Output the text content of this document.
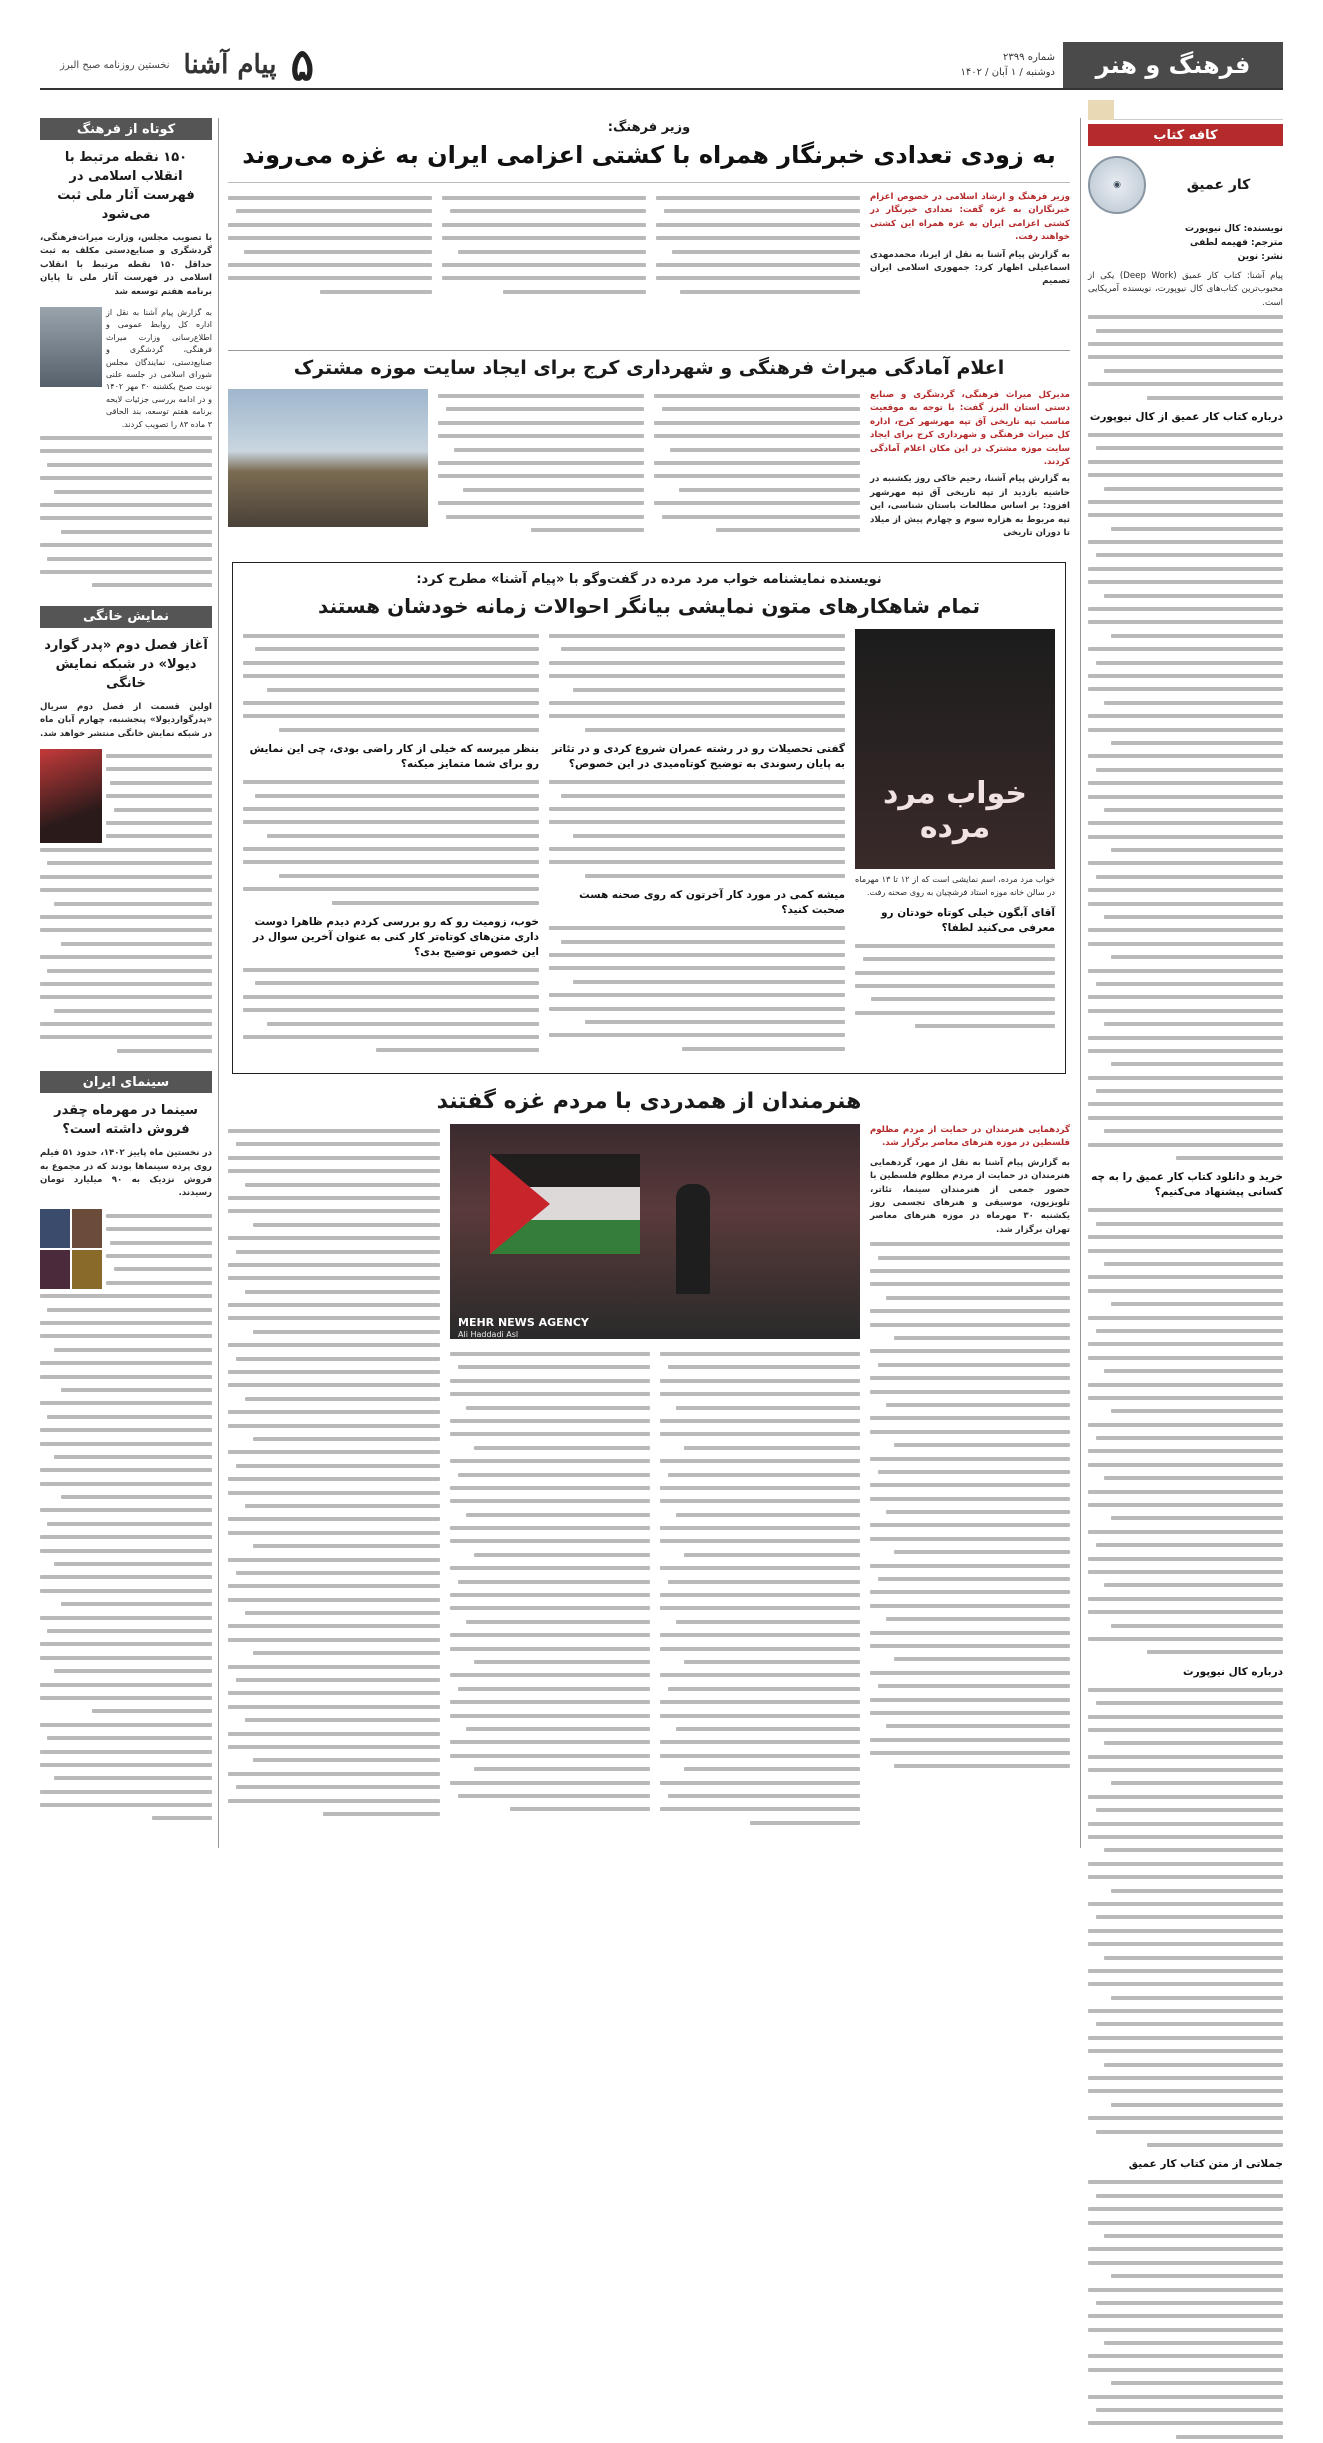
فرهنگ و هنر
شماره ۲۳۹۹
دوشنبه / ۱ آبان / ۱۴۰۲
۵
پیام آشنا
نخستین روزنامه صبح البرز
کوتاه از فرهنگ
۱۵۰ نقطه مرتبط با انقلاب اسلامی در فهرست آثار ملی ثبت می‌شود
با تصویب مجلس، وزارت میراث‌فرهنگی، گردشگری و صنایع‌دستی مکلف به ثبت حداقل ۱۵۰ نقطه مرتبط با انقلاب اسلامی در فهرست آثار ملی تا پایان برنامه هفتم توسعه شد
به گزارش پیام آشنا به نقل از اداره کل روابط عمومی و اطلاع‌رسانی وزارت میراث فرهنگی، گردشگری و صنایع‌دستی، نمایندگان مجلس شورای اسلامی در جلسه علنی نوبت صبح یکشنبه ۳۰ مهر ۱۴۰۲ و در ادامه بررسی جزئیات لایحه برنامه هفتم توسعه، بند الحاقی ۳ ماده ۸۳ را تصویب کردند.
نمایش خانگی
آغاز فصل دوم «پدر گوارد دیولا» در شبکه نمایش خانگی
اولین قسمت از فصل دوم سریال «پدرگواردیولا» پنجشنبه، چهارم آبان ماه در شبکه نمایش خانگی منتشر خواهد شد.
سینمای ایران
سینما در مهرماه چقدر فروش داشته است؟
در نخستین ماه پاییز ۱۴۰۲، حدود ۵۱ فیلم روی پرده سینماها بودند که در مجموع به فروش نزدیک به ۹۰ میلیارد تومان رسیدند.
کافه کتاب
کار عمیق
◉
نویسنده: کال نیوپورت
مترجم: فهیمه لطفی
نشر: نوین
پیام آشنا: کتاب کار عمیق (Deep Work) یکی از محبوب‌ترین کتاب‌های کال نیوپورت، نویسنده آمریکایی است.
درباره کتاب کار عمیق از کال نیوپورت
خرید و دانلود کتاب کار عمیق را به چه کسانی پیشنهاد می‌کنیم؟
درباره کال نیوپورت
جملاتی از متن کتاب کار عمیق
وزیر فرهنگ:
به زودی تعدادی خبرنگار همراه با کشتی اعزامی ایران به غزه می‌روند
وزیر فرهنگ و ارشاد اسلامی در خصوص اعزام خبرنگاران به غزه گفت: تعدادی خبرنگار در کشتی اعزامی ایران به غزه همراه این کشتی خواهند رفت.
به گزارش پیام آشنا به نقل از ایرنا، محمدمهدی اسماعیلی اظهار کرد: جمهوری اسلامی ایران تصمیم
اعلام آمادگی میراث فرهنگی و شهرداری کرج برای ایجاد سایت موزه مشترک
مدیرکل میراث فرهنگی، گردشگری و صنایع دستی استان البرز گفت: با توجه به موقعیت مناسب تپه تاریخی آق تپه مهرشهر کرج، اداره کل میراث فرهنگی و شهرداری کرج برای ایجاد سایت موزه مشترک در این مکان اعلام آمادگی کردند.
به گزارش پیام آشنا، رحیم خاکی روز یکشنبه در حاشیه بازدید از تپه تاریخی آق تپه مهرشهر افزود: بر اساس مطالعات باستان شناسی، این تپه مربوط به هزاره سوم و چهارم پیش از میلاد تا دوران تاریخی
نویسنده نمایشنامه خواب مرد مرده در گفت‌وگو با «پیام آشنا» مطرح کرد:
تمام شاهکارهای متون نمایشی بیانگر احوالات زمانه خودشان هستند
خواب مرد مرده
خواب مرد مرده، اسم نمایشی است که از ۱۲ تا ۱۳ مهرماه در سالن خانه موزه استاد فرشچیان به روی صحنه رفت.
آقای آبگون خیلی کوتاه خودتان رو معرفی می‌کنید لطفا؟
گفتی تحصیلات رو در رشته عمران شروع کردی و در تئاتر به پایان رسوندی به توضیح کوتاه‌میدی در این خصوص؟
میشه کمی در مورد کار آخرتون که روی صحنه هست صحبت کنید؟
بنظر میرسه که خیلی از کار راضی بودی، چی این نمایش رو برای شما متمایز میکنه؟
خوب، زومیت رو که رو بررسی کردم دیدم ظاهرا دوست داری متن‌های کوتاه‌تر کار کنی به عنوان آخرین سوال در این خصوص توضیح بدی؟
هنرمندان از همدردی با مردم غزه گفتند
گردهمایی هنرمندان در حمایت از مردم مظلوم فلسطین در موزه هنرهای معاصر برگزار شد.
به گزارش پیام آشنا به نقل از مهر، گردهمایی هنرمندان در حمایت از مردم مظلوم فلسطین با حضور جمعی از هنرمندان سینما، تئاتر، تلویزیون، موسیقی و هنرهای تجسمی روز یکشنبه ۳۰ مهرماه در موزه هنرهای معاصر تهران برگزار شد.
MEHR NEWS AGENCY
Ali Haddadi Asl
